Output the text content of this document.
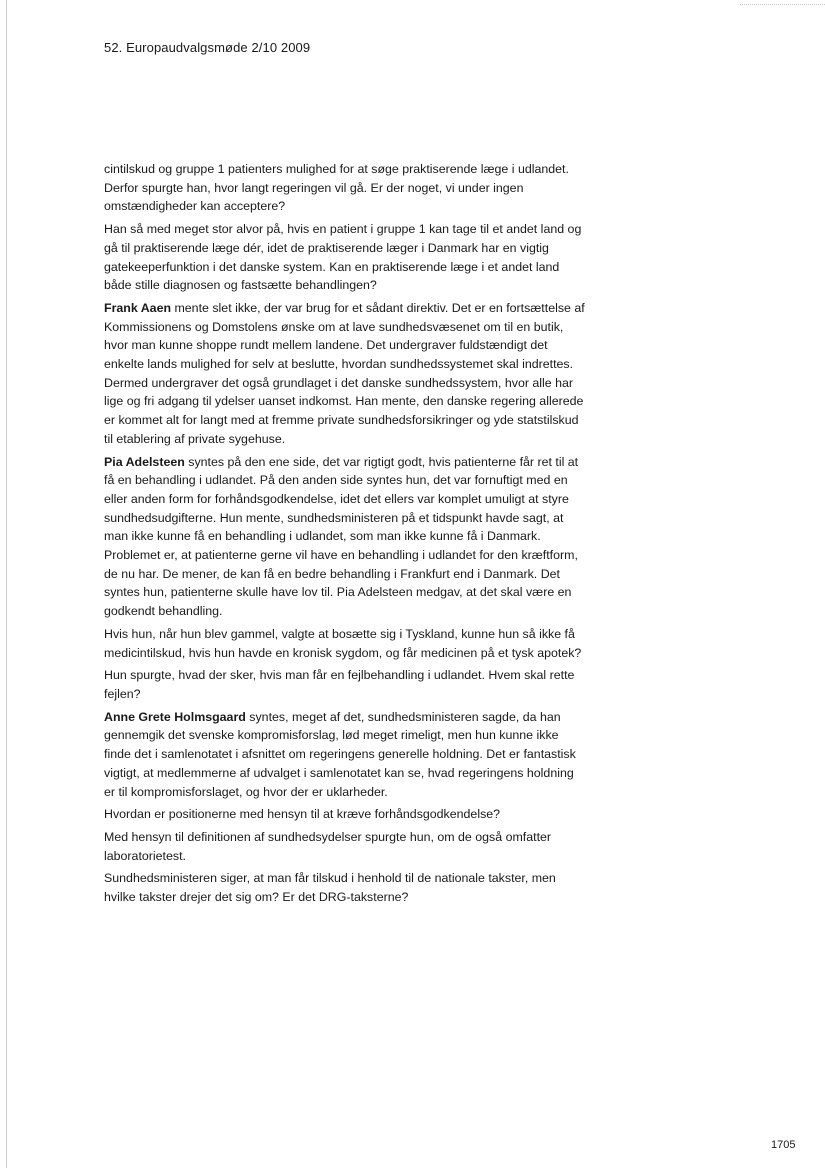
52. Europaudvalgsmøde 2/10 2009

cintilskud og gruppe 1 patienters mulighed for at søge praktiserende læge i udlandet. Derfor spurgte han, hvor langt regeringen vil gå. Er der noget, vi under ingen omstændigheder kan acceptere?

Han så med meget stor alvor på, hvis en patient i gruppe 1 kan tage til et andet land og gå til praktiserende læge dér, idet de praktiserende læger i Danmark har en vigtig gatekeeperfunktion i det danske system. Kan en praktiserende læge i et andet land både stille diagnosen og fastsætte behandlingen?

Frank Aaen mente slet ikke, der var brug for et sådant direktiv. Det er en fortsættelse af Kommissionens og Domstolens ønske om at lave sundhedsvæsenet om til en butik, hvor man kunne shoppe rundt mellem landene. Det undergraver fuldstændigt det enkelte lands mulighed for selv at beslutte, hvordan sundhedssystemet skal indrettes. Dermed undergraver det også grundlaget i det danske sundhedssystem, hvor alle har lige og fri adgang til ydelser uanset indkomst. Han mente, den danske regering allerede er kommet alt for langt med at fremme private sundhedsforsikringer og yde statstilskud til etablering af private sygehuse.

Pia Adelsteen syntes på den ene side, det var rigtigt godt, hvis patienterne får ret til at få en behandling i udlandet. På den anden side syntes hun, det var fornuftigt med en eller anden form for forhåndsgodkendelse, idet det ellers var komplet umuligt at styre sundhedsudgifterne. Hun mente, sundhedsministeren på et tidspunkt havde sagt, at man ikke kunne få en behandling i udlandet, som man ikke kunne få i Danmark. Problemet er, at patienterne gerne vil have en behandling i udlandet for den kræftform, de nu har. De mener, de kan få en bedre behandling i Frankfurt end i Danmark. Det syntes hun, patienterne skulle have lov til. Pia Adelsteen medgav, at det skal være en godkendt behandling.

Hvis hun, når hun blev gammel, valgte at bosætte sig i Tyskland, kunne hun så ikke få medicintilskud, hvis hun havde en kronisk sygdom, og får medicinen på et tysk apotek?

Hun spurgte, hvad der sker, hvis man får en fejlbehandling i udlandet. Hvem skal rette fejlen?

Anne Grete Holmsgaard syntes, meget af det, sundhedsministeren sagde, da han gennemgik det svenske kompromisforslag, lød meget rimeligt, men hun kunne ikke finde det i samlenotatet i afsnittet om regeringens generelle holdning. Det er fantastisk vigtigt, at medlemmerne af udvalget i samlenotatet kan se, hvad regeringens holdning er til kompromisforslaget, og hvor der er uklarheder.

Hvordan er positionerne med hensyn til at kræve forhåndsgodkendelse?

Med hensyn til definitionen af sundhedsydelser spurgte hun, om de også omfatter laboratorietest.

Sundhedsministeren siger, at man får tilskud i henhold til de nationale takster, men hvilke takster drejer det sig om? Er det DRG-taksterne?

1705
